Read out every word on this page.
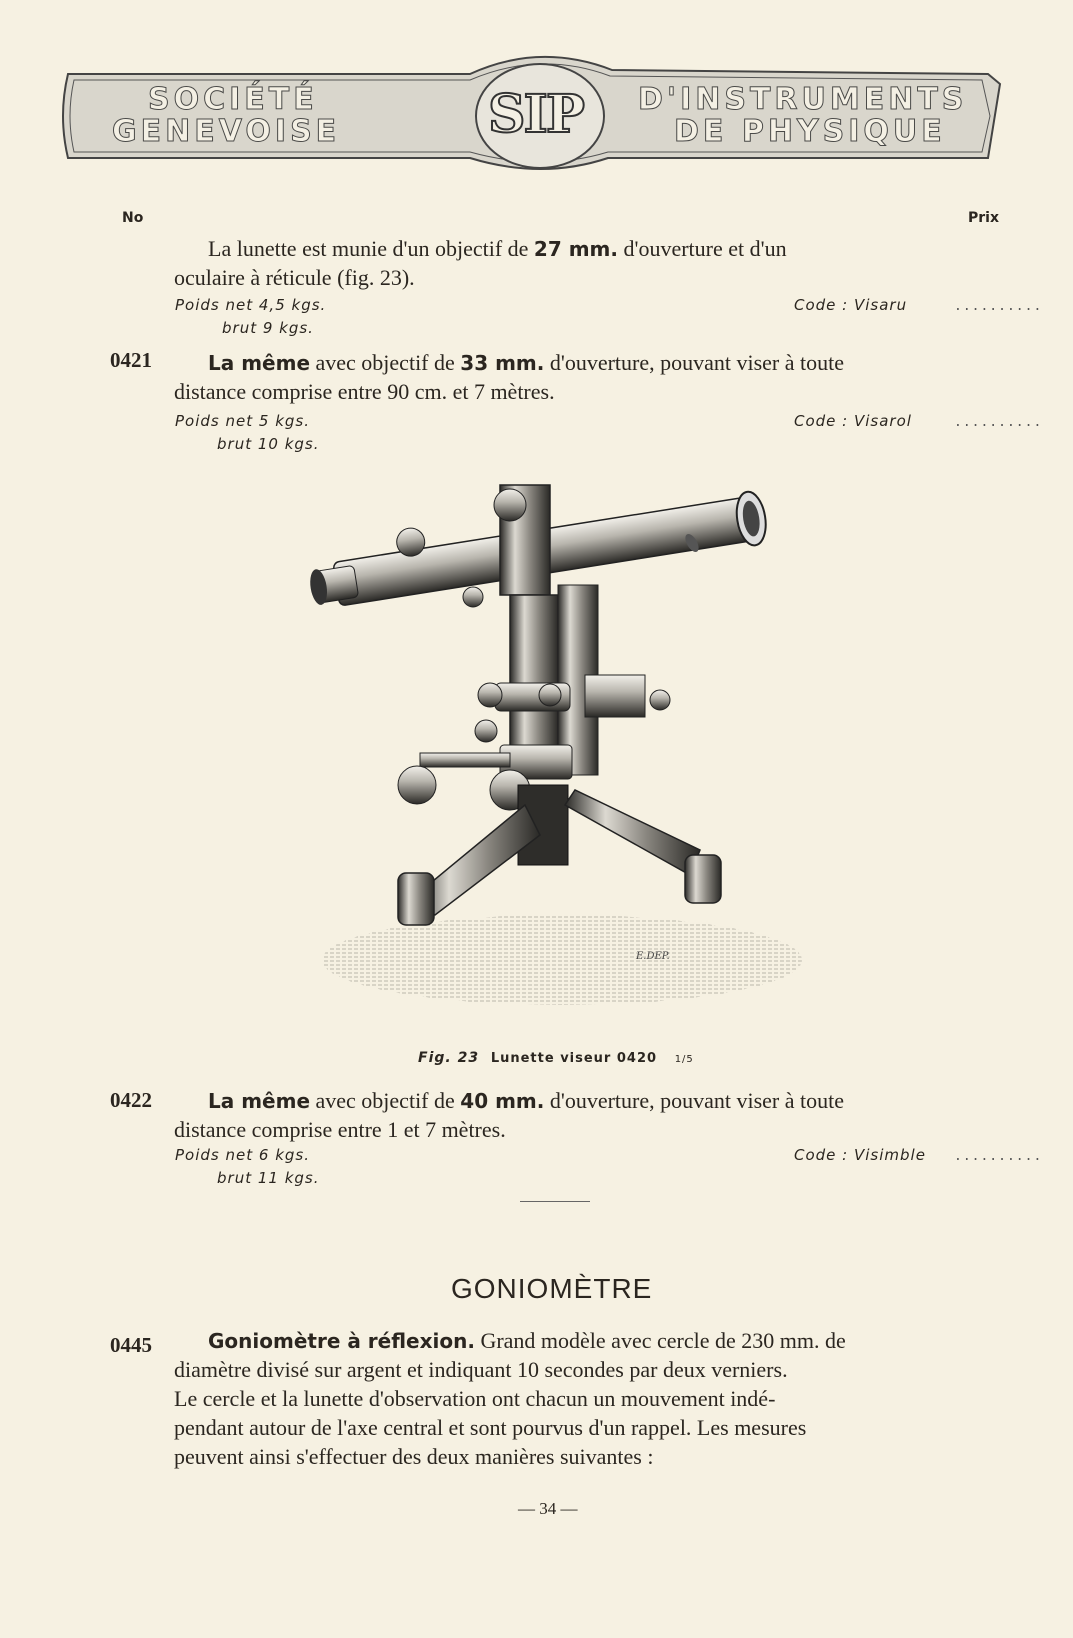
SOCIÉTÉ
GENEVOISE	SIP D'INSTRUMENTS
DE PHYSIQUE
No	Prix
La lunette est munie d'un objectif de 27 mm. d'ouverture et d'un
oculaire à réticule (fig. 23).
Poids net 4,5 kgs.
brut 9 kgs.
Code : Visaru	..........
0421	La même avec objectif de 33 mm. d'ouverture, pouvant viser à toute
distance comprise entre 90 cm. et 7 mètres.
Poids net 5 kgs.
brut 10 kgs.
Code : Visarol	..........
E.DEP.
Fig. 23 Lunette viseur 0420 1/5
0422	La même avec objectif de 40 mm. d'ouverture, pouvant viser à toute
distance comprise entre 1 et 7 mètres.
Poids net 6 kgs.
brut 11 kgs.
Code : Visimble ..........
GONIOMÈTRE
0445	Goniomètre à réflexion. Grand modèle avec cercle de 230 mm. de
diamètre divisé sur argent et indiquant 10 secondes par deux verniers.
Le cercle et la lunette d'observation ont chacun un mouvement indé-
pendant autour de l'axe central et sont pourvus d'un rappel. Les mesures
peuvent ainsi s'effectuer des deux manières suivantes :
— 34 —
